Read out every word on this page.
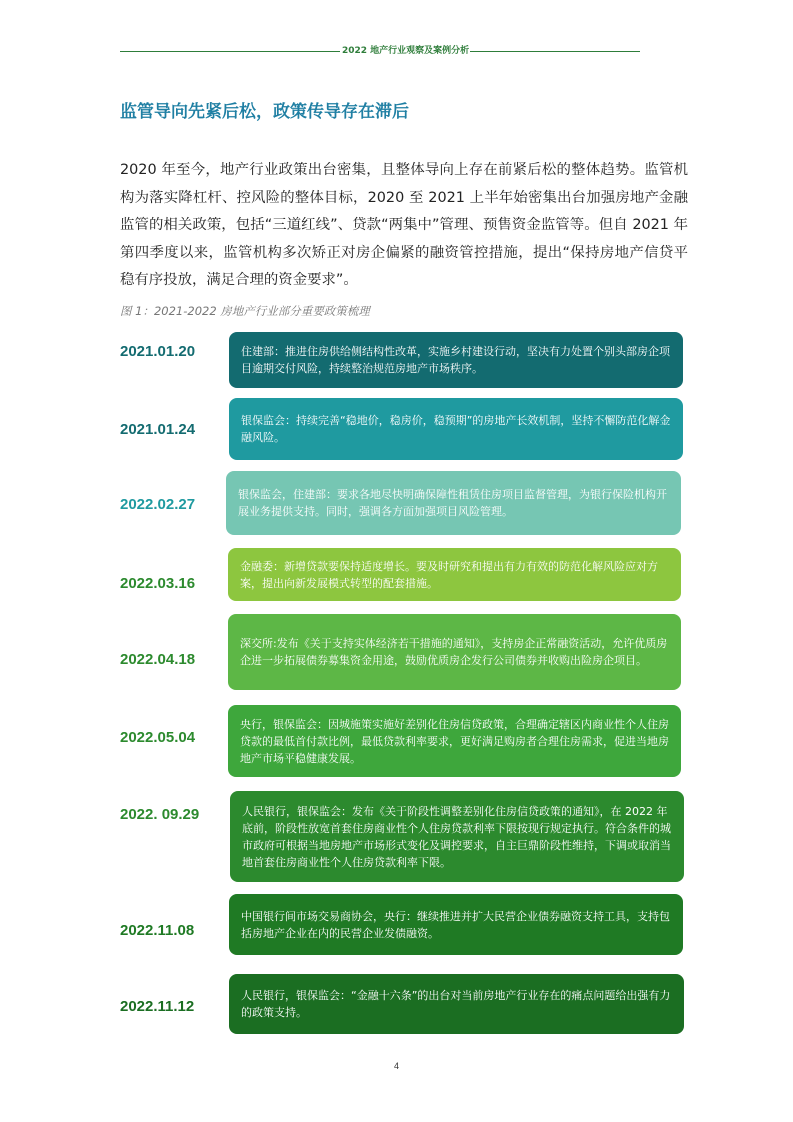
2022 地产行业观察及案例分析
监管导向先紧后松，政策传导存在滞后
2020 年至今，地产行业政策出台密集，且整体导向上存在前紧后松的整体趋势。监管机构为落实降杠杆、控风险的整体目标，2020 至 2021 上半年始密集出台加强房地产金融监管的相关政策，包括“三道红线”、贷款“两集中”管理、预售资金监管等。但自 2021 年第四季度以来，监管机构多次矫正对房企偏紧的融资管控措施，提出“保持房地产信贷平稳有序投放，满足合理的资金要求”。
图 1：2021-2022 房地产行业部分重要政策梳理
2021.01.20	住建部：推进住房供给侧结构性改革，实施乡村建设行动，坚决有力处置个别头部房企项目逾期交付风险，持续整治规范房地产市场秩序。
2021.01.24
银保监会：持续完善“稳地价，稳房价，稳预期”的房地产长效机制，坚持不懈防范化解金融风险。
2022.02.27
银保监会，住建部：要求各地尽快明确保障性租赁住房项目监督管理，为银行保险机构开展业务提供支持。同时，强调各方面加强项目风险管理。
2022.03.16
金融委：新增贷款要保持适度增长。要及时研究和提出有力有效的防范化解风险应对方案，提出向新发展模式转型的配套措施。
2022.04.18
深交所:发布《关于支持实体经济若干措施的通知》，支持房企正常融资活动，允许优质房企进一步拓展债券募集资金用途，鼓励优质房企发行公司债券并收购出险房企项目。
2022.05.04
央行，银保监会：因城施策实施好差别化住房信贷政策，合理确定辖区内商业性个人住房贷款的最低首付款比例，最低贷款利率要求，更好满足购房者合理住房需求，促进当地房地产市场平稳健康发展。
2022. 09.29	人民银行，银保监会：发布《关于阶段性调整差别化住房信贷政策的通知》，在 2022 年底前，阶段性放宽首套住房商业性个人住房贷款利率下限按现行规定执行。符合条件的城市政府可根据当地房地产市场形式变化及调控要求，自主巨鼎阶段性维持，下调或取消当地首套住房商业性个人住房贷款利率下限。
2022.11.08
中国银行间市场交易商协会，央行：继续推进并扩大民营企业债券融资支持工具，支持包括房地产企业在内的民营企业发债融资。
2022.11.12
人民银行，银保监会：“金融十六条”的出台对当前房地产行业存在的痛点问题给出强有力的政策支持。
4
